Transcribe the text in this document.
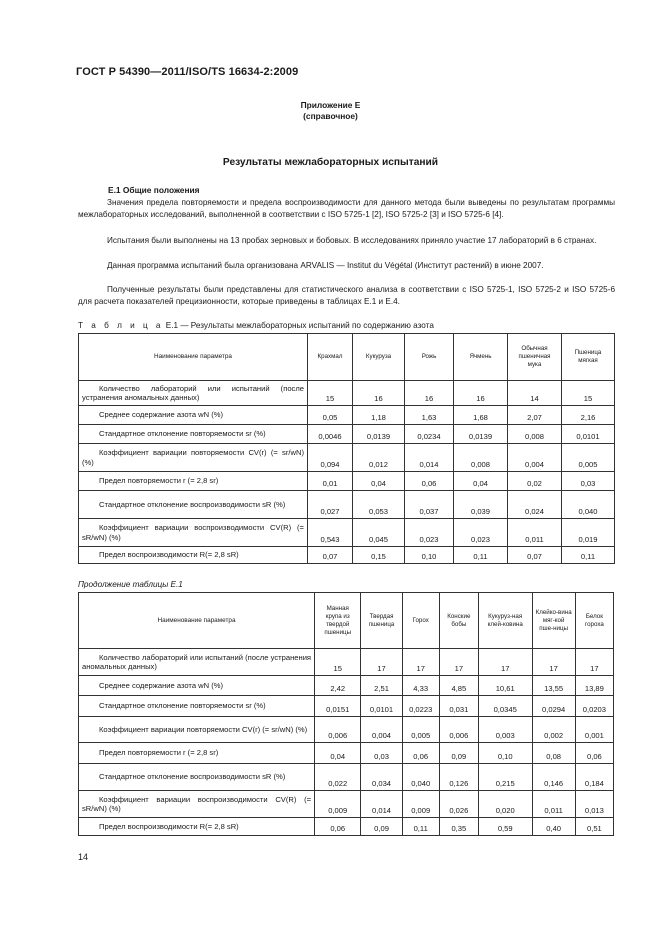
ГОСТ Р 54390—2011/ISO/TS 16634-2:2009
Приложение Е
(справочное)
Результаты межлабораторных испытаний
Е.1 Общие положения

Значения предела повторяемости и предела воспроизводимости для данного метода были выведены по результатам программы межлабораторных исследований, выполненной в соответствии с ISO 5725-1 [2], ISO 5725-2 [3] и ISO 5725-6 [4].

Испытания были выполнены на 13 пробах зерновых и бобовых. В исследованиях приняло участие 17 лабораторий в 6 странах.

Данная программа испытаний была организована ARVALIS — Institut du Végétal (Институт растений) в июне 2007.

Полученные результаты были представлены для статистического анализа в соответствии с ISO 5725-1, ISO 5725-2 и ISO 5725-6 для расчета показателей прецизионности, которые приведены в таблицах Е.1 и Е.4.

Т а б л и ц а Е.1 — Результаты межлабораторных испытаний по содержанию азота
Наименование параметра	Крахмал	Кукуруза	Рожь	Ячмень	Обычная пшеничная мука	Пшеница мягкая
Количество лабораторий или испытаний (после устранения аномальных данных)	15	16	16	16	14	15
Среднее содержание азота wN (%)	0,05	1,18	1,63	1,68	2,07	2,16
Стандартное отклонение повторяемости sr (%)	0,0046	0,0139	0,0234	0,0139	0,008	0,0101
Коэффициент вариации повторяемости CV(r) (= sr/wN) (%)	0,094	0,012	0,014	0,008	0,004	0,005
Предел повторяемости r (= 2,8 sr)	0,01	0,04	0,06	0,04	0,02	0,03
Стандартное отклонение воспроизводимости sR (%)	0,027	0,053	0,037	0,039	0,024	0,040
Коэффициент вариации воспроизводимости CV(R) (= sR/wN) (%)	0,543	0,045	0,023	0,023	0,011	0,019
Предел воспроизводимости R(= 2,8 sR)	0,07	0,15	0,10	0,11	0,07	0,11
Продолжение таблицы Е.1
Наименование параметра	Манная крупа из твердой пшеницы	Твердая пшеница	Горох	Конские бобы	Кукуруз-ная клей-ковина	Клейко-вина мяг-кой пше-ницы	Белок гороха
Количество лабораторий или испытаний (после устранения аномальных данных)	15	17	17	17	17	17	17
Среднее содержание азота wN (%)	2,42	2,51	4,33	4,85	10,61	13,55	13,89
Стандартное отклонение повторяемости sr (%)	0,0151	0,0101	0,0223	0,031	0,0345	0,0294	0,0203
Коэффициент вариации повторяемости CV(r) (= sr/wN) (%)	0,006	0,004	0,005	0,006	0,003	0,002	0,001
Предел повторяемости r (= 2,8 sr)	0,04	0,03	0,06	0,09	0,10	0,08	0,06
Стандартное отклонение воспроизводимости sR (%)	0,022	0,034	0,040	0,126	0,215	0,146	0,184
Коэффициент вариации воспроизводимости CV(R) (= sR/wN) (%)	0,009	0,014	0,009	0,026	0,020	0,011	0,013
Предел воспроизводимости R(= 2,8 sR)	0,06	0,09	0,11	0,35	0,59	0,40	0,51
14
